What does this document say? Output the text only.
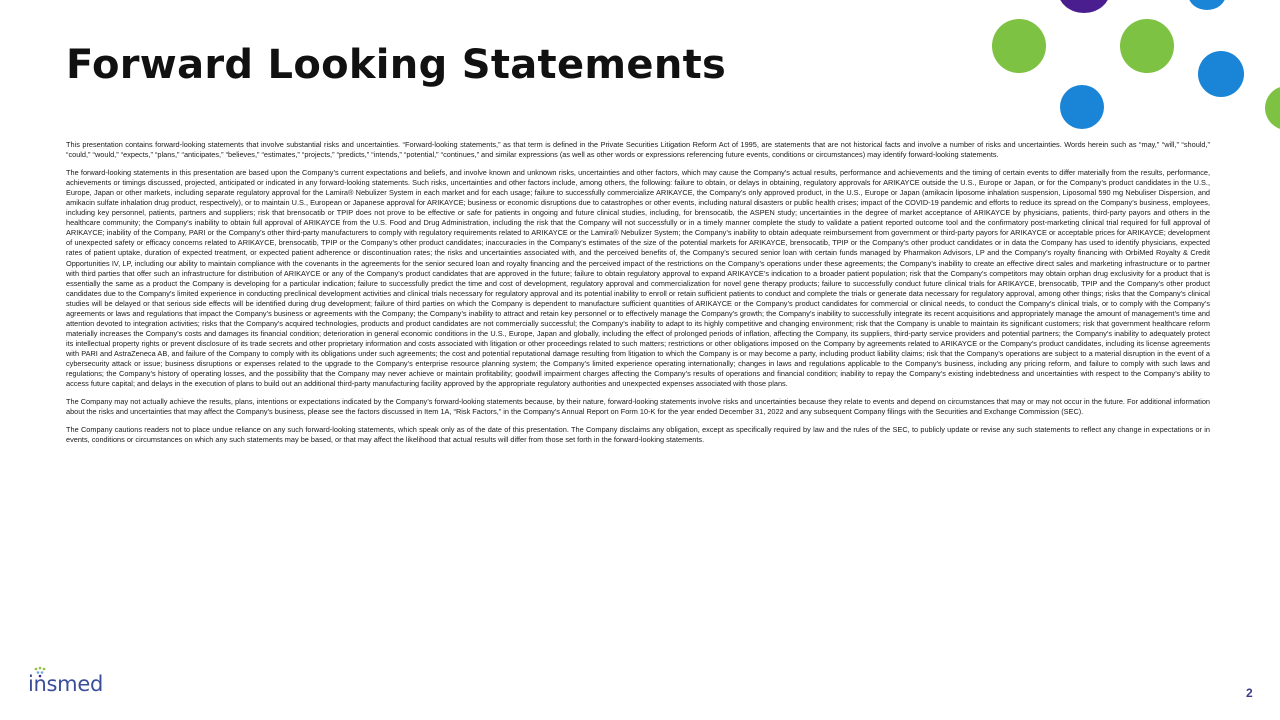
Forward Looking Statements

This presentation contains forward-looking statements that involve substantial risks and uncertainties. “Forward-looking statements,” as that term is defined in the Private Securities Litigation Reform Act of 1995, are statements that are not historical facts and involve a number of risks and uncertainties. Words herein such as “may,” “will,” “should,” “could,” “would,” “expects,” “plans,” “anticipates,” “believes,” “estimates,” “projects,” “predicts,” “intends,” “potential,” “continues,” and similar expressions (as well as other words or expressions referencing future events, conditions or circumstances) may identify forward-looking statements.

The forward-looking statements in this presentation are based upon the Company’s current expectations and beliefs, and involve known and unknown risks, uncertainties and other factors, which may cause the Company’s actual results, performance and achievements and the timing of certain events to differ materially from the results, performance, achievements or timings discussed, projected, anticipated or indicated in any forward-looking statements. Such risks, uncertainties and other factors include, among others, the following: failure to obtain, or delays in obtaining, regulatory approvals for ARIKAYCE outside the U.S., Europe or Japan, or for the Company’s product candidates in the U.S., Europe, Japan or other markets, including separate regulatory approval for the Lamira® Nebulizer System in each market and for each usage; failure to successfully commercialize ARIKAYCE, the Company’s only approved product, in the U.S., Europe or Japan (amikacin liposome inhalation suspension, Liposomal 590 mg Nebuliser Dispersion, and amikacin sulfate inhalation drug product, respectively), or to maintain U.S., European or Japanese approval for ARIKAYCE; business or economic disruptions due to catastrophes or other events, including natural disasters or public health crises; impact of the COVID-19 pandemic and efforts to reduce its spread on the Company’s business, employees, including key personnel, patients, partners and suppliers; risk that brensocatib or TPIP does not prove to be effective or safe for patients in ongoing and future clinical studies, including, for brensocatib, the ASPEN study; uncertainties in the degree of market acceptance of ARIKAYCE by physicians, patients, third-party payors and others in the healthcare community; the Company’s inability to obtain full approval of ARIKAYCE from the U.S. Food and Drug Administration, including the risk that the Company will not successfully or in a timely manner complete the study to validate a patient reported outcome tool and the confirmatory post-marketing clinical trial required for full approval of ARIKAYCE; inability of the Company, PARI or the Company’s other third-party manufacturers to comply with regulatory requirements related to ARIKAYCE or the Lamira® Nebulizer System; the Company’s inability to obtain adequate reimbursement from government or third-party payors for ARIKAYCE or acceptable prices for ARIKAYCE; development of unexpected safety or efficacy concerns related to ARIKAYCE, brensocatib, TPIP or the Company’s other product candidates; inaccuracies in the Company’s estimates of the size of the potential markets for ARIKAYCE, brensocatib, TPIP or the Company’s other product candidates or in data the Company has used to identify physicians, expected rates of patient uptake, duration of expected treatment, or expected patient adherence or discontinuation rates; the risks and uncertainties associated with, and the perceived benefits of, the Company’s secured senior loan with certain funds managed by Pharmakon Advisors, LP and the Company’s royalty financing with OrbiMed Royalty & Credit Opportunities IV, LP, including our ability to maintain compliance with the covenants in the agreements for the senior secured loan and royalty financing and the perceived impact of the restrictions on the Company’s operations under these agreements; the Company’s inability to create an effective direct sales and marketing infrastructure or to partner with third parties that offer such an infrastructure for distribution of ARIKAYCE or any of the Company’s product candidates that are approved in the future; failure to obtain regulatory approval to expand ARIKAYCE’s indication to a broader patient population; risk that the Company’s competitors may obtain orphan drug exclusivity for a product that is essentially the same as a product the Company is developing for a particular indication; failure to successfully predict the time and cost of development, regulatory approval and commercialization for novel gene therapy products; failure to successfully conduct future clinical trials for ARIKAYCE, brensocatib, TPIP and the Company’s other product candidates due to the Company’s limited experience in conducting preclinical development activities and clinical trials necessary for regulatory approval and its potential inability to enroll or retain sufficient patients to conduct and complete the trials or generate data necessary for regulatory approval, among other things; risks that the Company’s clinical studies will be delayed or that serious side effects will be identified during drug development; failure of third parties on which the Company is dependent to manufacture sufficient quantities of ARIKAYCE or the Company’s product candidates for commercial or clinical needs, to conduct the Company’s clinical trials, or to comply with the Company’s agreements or laws and regulations that impact the Company’s business or agreements with the Company; the Company’s inability to attract and retain key personnel or to effectively manage the Company’s growth; the Company’s inability to successfully integrate its recent acquisitions and appropriately manage the amount of management’s time and attention devoted to integration activities; risks that the Company’s acquired technologies, products and product candidates are not commercially successful; the Company’s inability to adapt to its highly competitive and changing environment; risk that the Company is unable to maintain its significant customers; risk that government healthcare reform materially increases the Company’s costs and damages its financial condition; deterioration in general economic conditions in the U.S., Europe, Japan and globally, including the effect of prolonged periods of inflation, affecting the Company, its suppliers, third-party service providers and potential partners; the Company’s inability to adequately protect its intellectual property rights or prevent disclosure of its trade secrets and other proprietary information and costs associated with litigation or other proceedings related to such matters; restrictions or other obligations imposed on the Company by agreements related to ARIKAYCE or the Company’s product candidates, including its license agreements with PARI and AstraZeneca AB, and failure of the Company to comply with its obligations under such agreements; the cost and potential reputational damage resulting from litigation to which the Company is or may become a party, including product liability claims; risk that the Company’s operations are subject to a material disruption in the event of a cybersecurity attack or issue; business disruptions or expenses related to the upgrade to the Company’s enterprise resource planning system; the Company’s limited experience operating internationally; changes in laws and regulations applicable to the Company’s business, including any pricing reform, and failure to comply with such laws and regulations; the Company’s history of operating losses, and the possibility that the Company may never achieve or maintain profitability; goodwill impairment charges affecting the Company’s results of operations and financial condition; inability to repay the Company’s existing indebtedness and uncertainties with respect to the Company’s ability to access future capital; and delays in the execution of plans to build out an additional third-party manufacturing facility approved by the appropriate regulatory authorities and unexpected expenses associated with those plans.

The Company may not actually achieve the results, plans, intentions or expectations indicated by the Company’s forward-looking statements because, by their nature, forward-looking statements involve risks and uncertainties because they relate to events and depend on circumstances that may or may not occur in the future. For additional information about the risks and uncertainties that may affect the Company’s business, please see the factors discussed in Item 1A, “Risk Factors,” in the Company’s Annual Report on Form 10-K for the year ended December 31, 2022 and any subsequent Company filings with the Securities and Exchange Commission (SEC).

The Company cautions readers not to place undue reliance on any such forward-looking statements, which speak only as of the date of this presentation. The Company disclaims any obligation, except as specifically required by law and the rules of the SEC, to publicly update or revise any such statements to reflect any change in expectations or in events, conditions or circumstances on which any such statements may be based, or that may affect the likelihood that actual results will differ from those set forth in the forward-looking statements.

insmed	2
